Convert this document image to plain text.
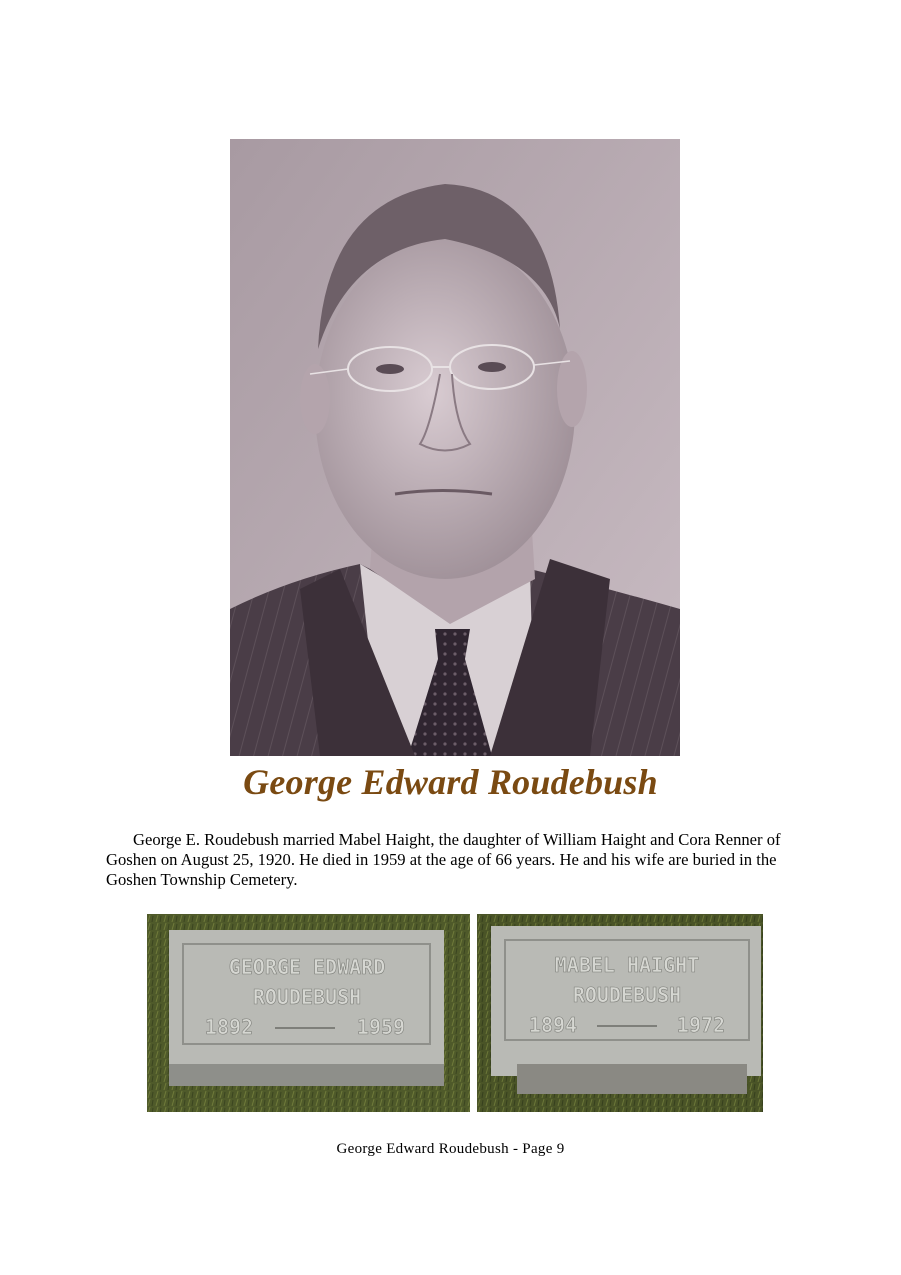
George Edward Roudebush

George E. Roudebush married Mabel Haight, the daughter of William Haight and Cora Renner of Goshen on August 25, 1920. He died in 1959 at the age of 66 years. He and his wife are buried in the Goshen Township Cemetery.

GEORGE EDWARD
ROUDEBUSH
1892	1959
MABEL HAIGHT
ROUDEBUSH
1894	1972
George Edward Roudebush - Page 9
